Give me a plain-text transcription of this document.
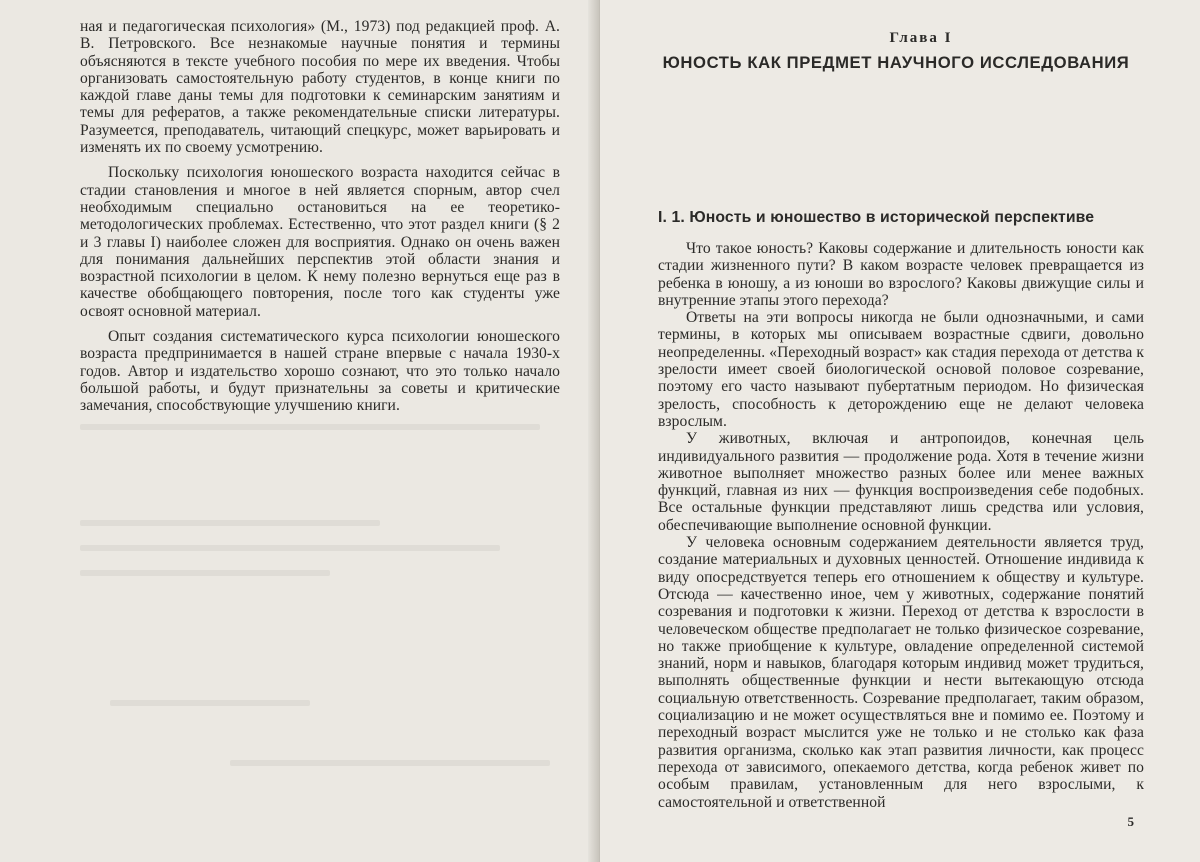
ная и педагогическая психология» (М., 1973) под редакцией проф. А. В. Петровского. Все незнакомые научные понятия и термины объясняются в тексте учебного пособия по мере их введения. Чтобы организовать самостоятельную работу студентов, в конце книги по каждой главе даны темы для подготовки к семинарским занятиям и темы для рефератов, а также рекомендательные списки литературы. Разумеется, преподаватель, читающий спецкурс, может варьировать и изменять их по своему усмотрению.

Поскольку психология юношеского возраста находится сейчас в стадии становления и многое в ней является спорным, автор счел необходимым специально остановиться на ее теоретико-методологических проблемах. Естественно, что этот раздел книги (§ 2 и 3 главы I) наиболее сложен для восприятия. Однако он очень важен для понимания дальнейших перспектив этой области знания и возрастной психологии в целом. К нему полезно вернуться еще раз в качестве обобщающего повторения, после того как студенты уже освоят основной материал.

Опыт создания систематического курса психологии юношеского возраста предпринимается в нашей стране впервые с начала 1930-х годов. Автор и издательство хорошо сознают, что это только начало большой работы, и будут признательны за советы и критические замечания, способствующие улучшению книги.

Глава I
ЮНОСТЬ КАК ПРЕДМЕТ НАУЧНОГО ИССЛЕДОВАНИЯ
I. 1. Юность и юношество в исторической перспективе

Что такое юность? Каковы содержание и длительность юности как стадии жизненного пути? В каком возрасте человек превращается из ребенка в юношу, а из юноши во взрослого? Каковы движущие силы и внутренние этапы этого перехода?

Ответы на эти вопросы никогда не были однозначными, и сами термины, в которых мы описываем возрастные сдвиги, довольно неопределенны. «Переходный возраст» как стадия перехода от детства к зрелости имеет своей биологической основой половое созревание, поэтому его часто называют пубертатным периодом. Но физическая зрелость, способность к деторождению еще не делают человека взрослым.

У животных, включая и антропоидов, конечная цель индивидуального развития — продолжение рода. Хотя в течение жизни животное выполняет множество разных более или менее важных функций, главная из них — функция воспроизведения себе подобных. Все остальные функции представляют лишь средства или условия, обеспечивающие выполнение основной функции.

У человека основным содержанием деятельности является труд, создание материальных и духовных ценностей. Отношение индивида к виду опосредствуется теперь его отношением к обществу и культуре. Отсюда — качественно иное, чем у животных, содержание понятий созревания и подготовки к жизни. Переход от детства к взрослости в человеческом обществе предполагает не только физическое созревание, но также приобщение к культуре, овладение определенной системой знаний, норм и навыков, благодаря которым индивид может трудиться, выполнять общественные функции и нести вытекающую отсюда социальную ответственность. Созревание предполагает, таким образом, социализацию и не может осуществляться вне и помимо ее. Поэтому и переходный возраст мыслится уже не только и не столько как фаза развития организма, сколько как этап развития личности, как процесс перехода от зависимого, опекаемого детства, когда ребенок живет по особым правилам, установленным для него взрослыми, к самостоятельной и ответственной

5
